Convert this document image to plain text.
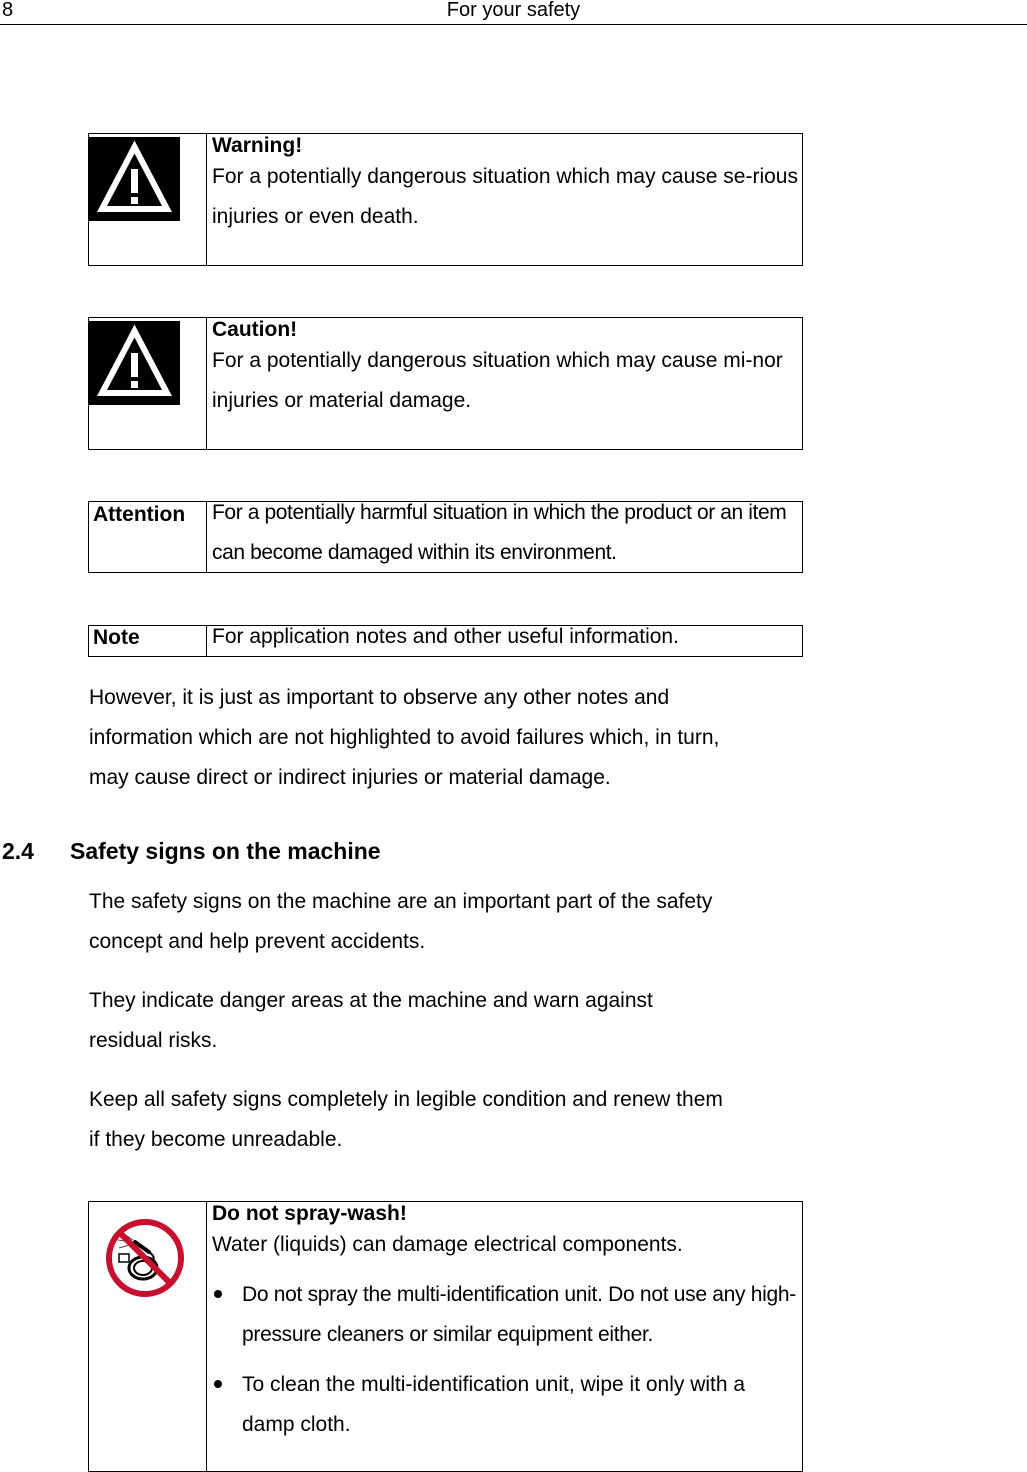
8	For your safety
Warning!
For a potentially dangerous situation which may cause se-rious injuries or even death.
Caution!
For a potentially dangerous situation which may cause mi-nor injuries or material damage.
Attention For a potentially harmful situation in which the product or an item can become damaged within its environment.
Note	For application notes and other useful information.
However, it is just as important to observe any other notes and information which are not highlighted to avoid failures which, in turn, may cause direct or indirect injuries or material damage.
2.4 Safety signs on the machine
The safety signs on the machine are an important part of the safety concept and help prevent accidents.
They indicate danger areas at the machine and warn against residual risks.
Keep all safety signs completely in legible condition and renew them if they become unreadable.
Do not spray-wash!
Water (liquids) can damage electrical components.
Do not spray the multi-identification unit. Do not use any high-pressure cleaners or similar equipment either.
To clean the multi-identification unit, wipe it only with a damp cloth.
